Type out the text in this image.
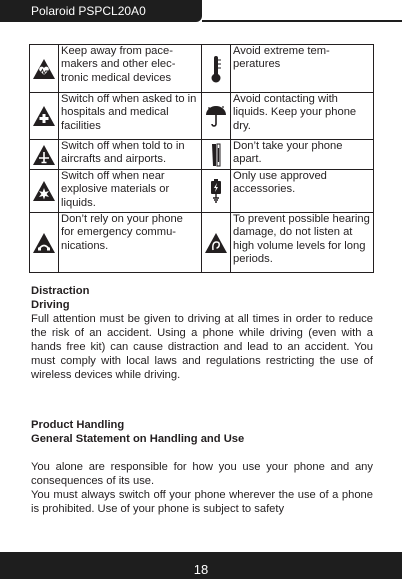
Polaroid PSPCL20A0
	Keep away from pace-makers and other elec-tronic medical devices		Avoid extreme tem-peratures

	Switch off when asked to in hospitals and medical facilities		Avoid contacting with liquids. Keep your phone dry.

	Switch off when told to in aircrafts and airports.		Don’t take your phone apart.

	Switch off when near explosive materials or liquids.		Only use approved accessories.

	Don’t rely on your phone for emergency commu-nications.		To prevent possible hearing damage, do not listen at high volume levels for long periods.
Distraction
Driving

Full attention must be given to driving at all times in order to reduce the risk of an accident. Using a phone while driving (even with a hands free kit) can cause distraction and lead to an accident. You must comply with local laws and regulations restricting the use of wireless devices while driving.

Product Handling
General Statement on Handling and Use

You alone are responsible for how you use your phone and any consequences of its use.

You must always switch off your phone wherever the use of a phone is prohibited. Use of your phone is subject to safety

18
